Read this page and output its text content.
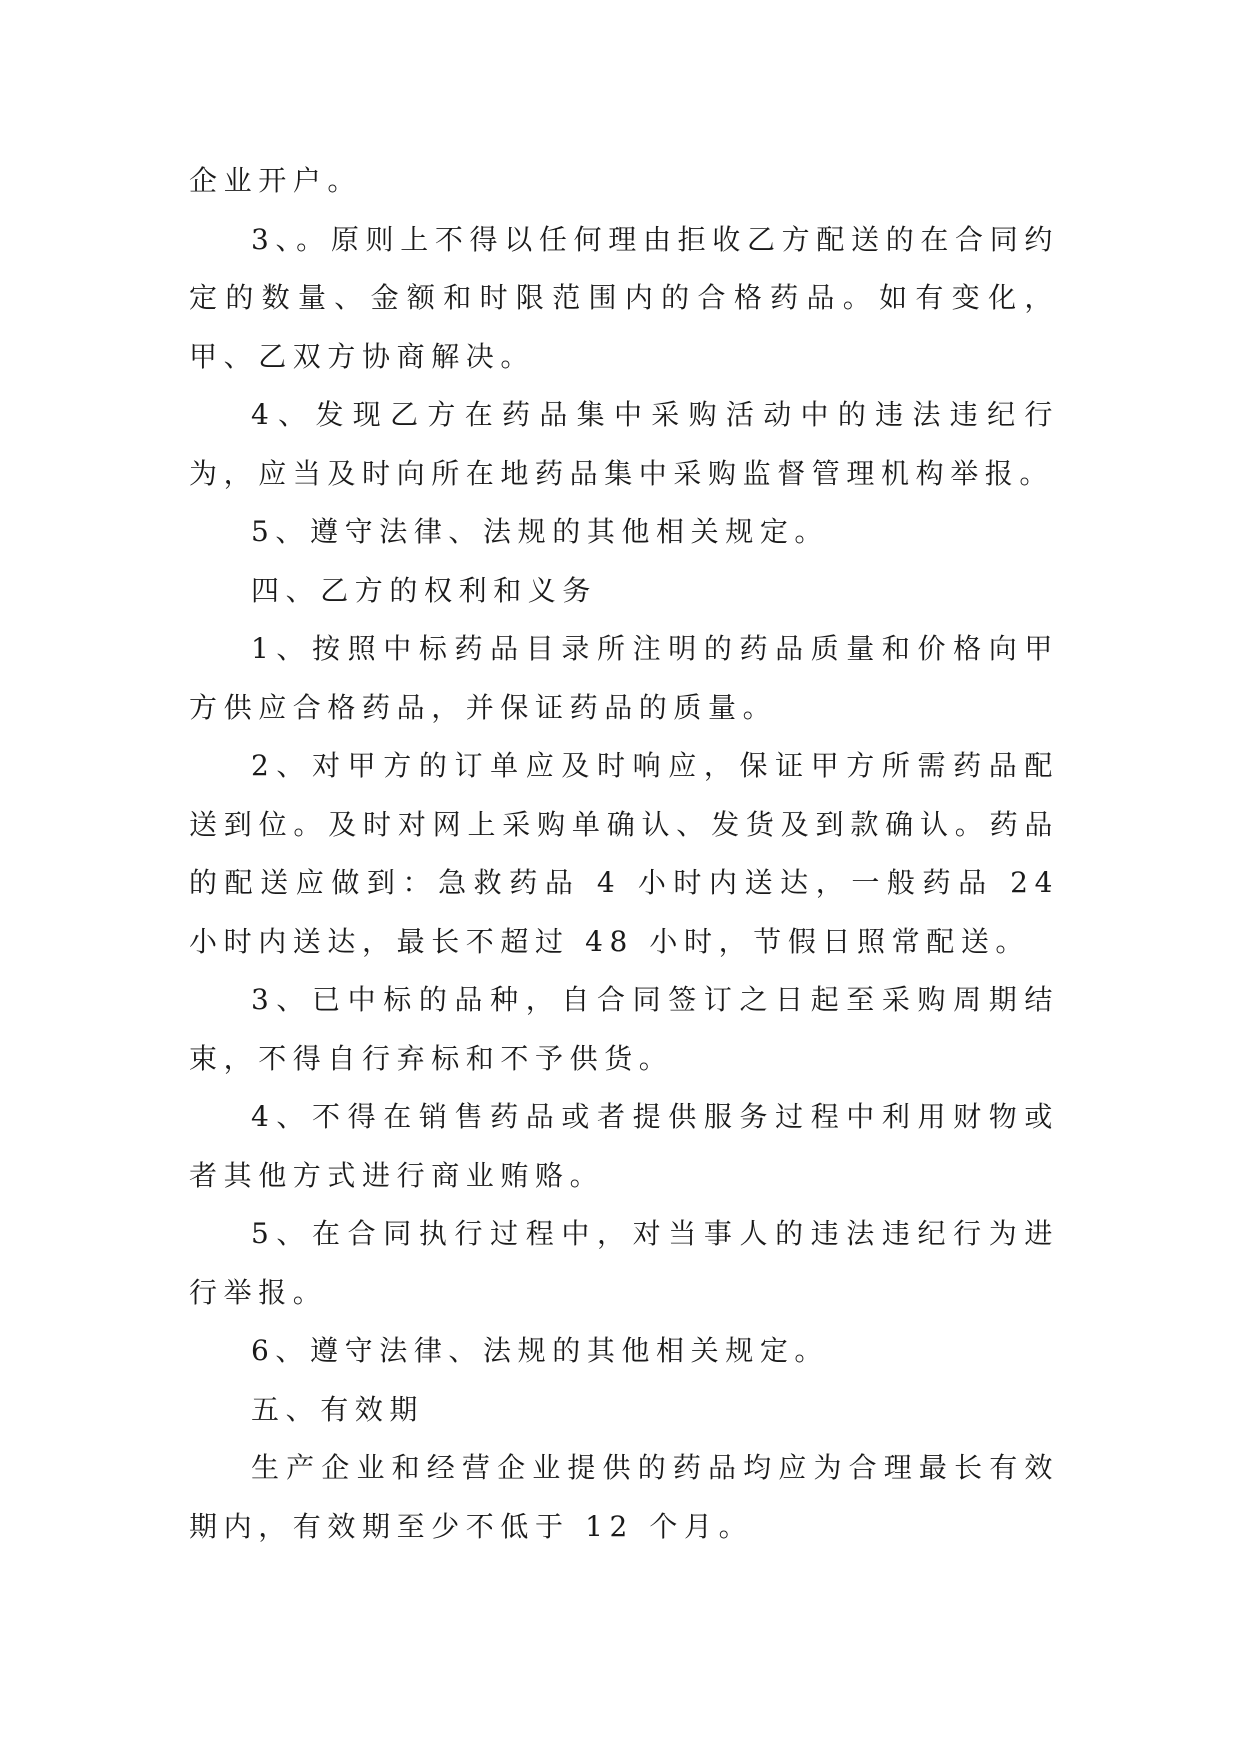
企业开户。

3、。原则上不得以任何理由拒收乙方配送的在合同约定的数量、金额和时限范围内的合格药品。如有变化，甲、乙双方协商解决。

4、发现乙方在药品集中采购活动中的违法违纪行为，应当及时向所在地药品集中采购监督管理机构举报。

5、遵守法律、法规的其他相关规定。

四、乙方的权利和义务

1、按照中标药品目录所注明的药品质量和价格向甲方供应合格药品，并保证药品的质量。

2、对甲方的订单应及时响应，保证甲方所需药品配送到位。及时对网上采购单确认、发货及到款确认。药品的配送应做到：急救药品 4 小时内送达，一般药品 24 小时内送达，最长不超过 48 小时，节假日照常配送。

3、已中标的品种，自合同签订之日起至采购周期结束，不得自行弃标和不予供货。

4、不得在销售药品或者提供服务过程中利用财物或者其他方式进行商业贿赂。

5、在合同执行过程中，对当事人的违法违纪行为进行举报。

6、遵守法律、法规的其他相关规定。

五、有效期

生产企业和经营企业提供的药品均应为合理最长有效期内，有效期至少不低于 12 个月。
